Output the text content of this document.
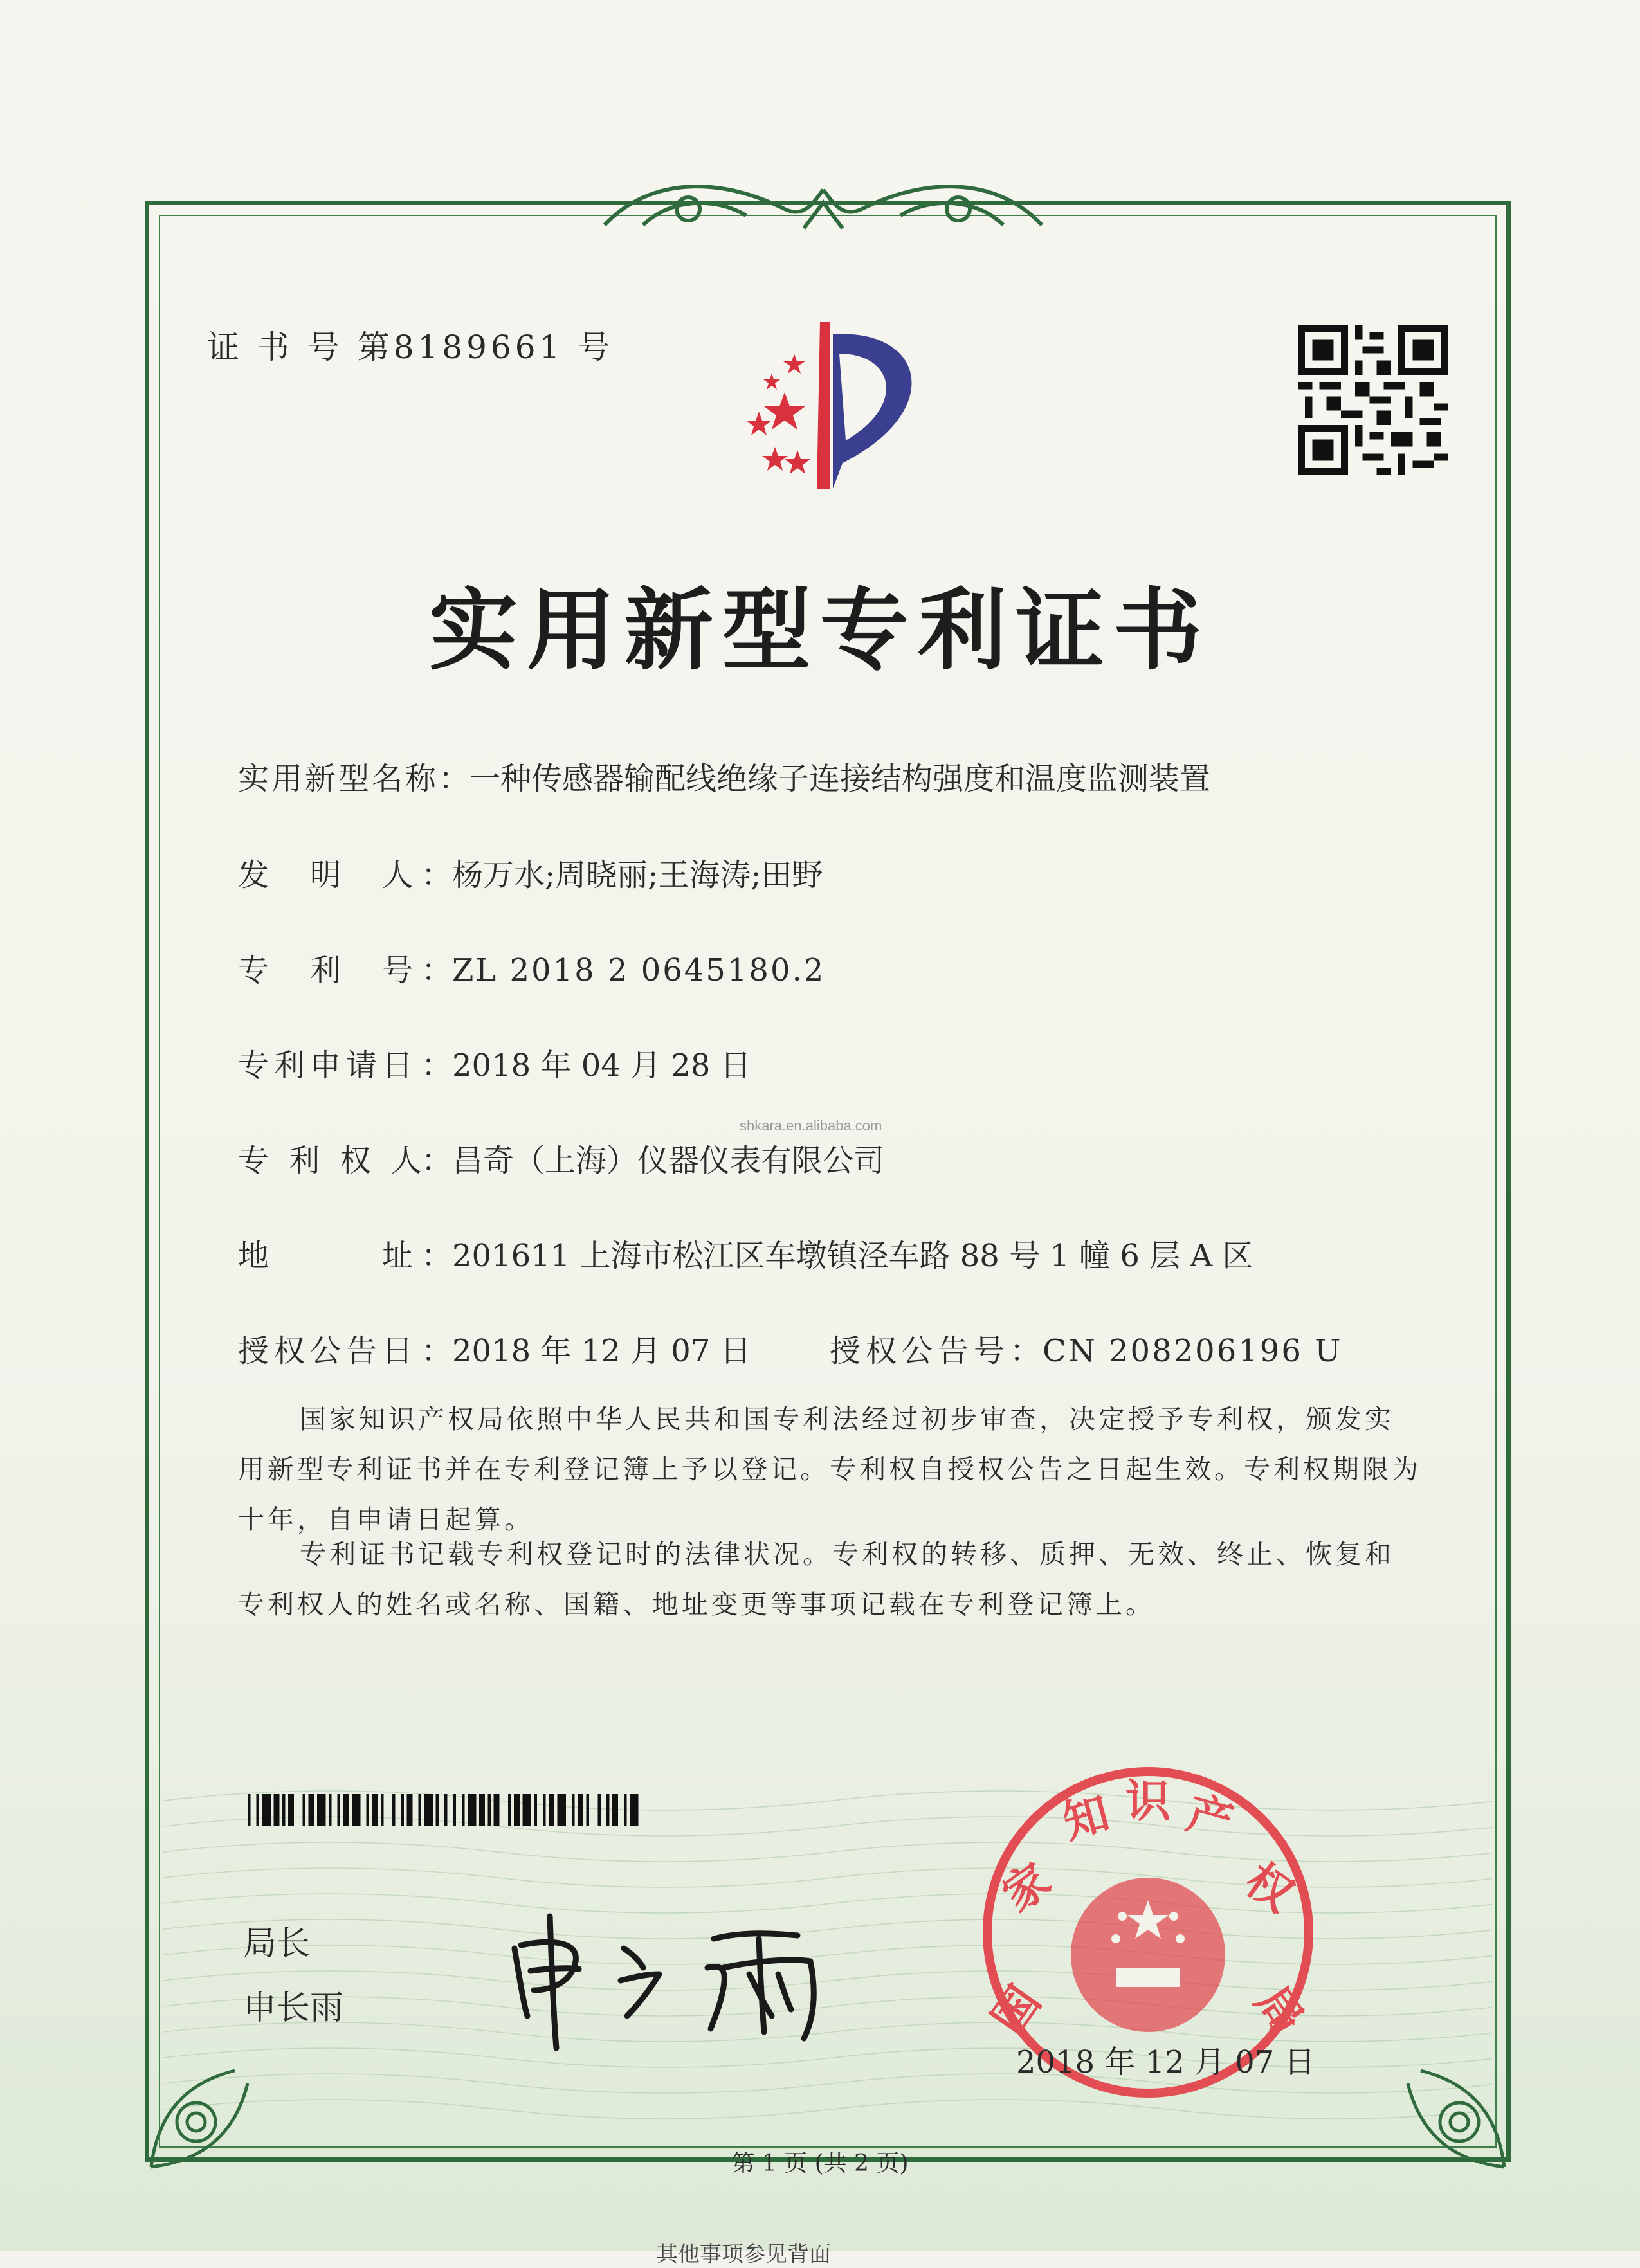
证 书 号 第8189661 号
实用新型专利证书
实用新型名称：一种传感器输配线绝缘子连接结构强度和温度监测装置
发　明　人 ：杨万水;周晓丽;王海涛;田野
专　利　号 ：ZL 2018 2 0645180.2
专利申请日 ：2018 年 04 月 28 日
专 利 权 人：昌奇（上海）仪器仪表有限公司
地　　　址 ：201611 上海市松江区车墩镇泾车路 88 号 1 幢 6 层 A 区
授权公告日 ：2018 年 12 月 07 日	授权公告号：CN 208206196 U
shkara.en.alibaba.com
国家知识产权局依照中华人民共和国专利法经过初步审查，决定授予专利权，颁发实用新型专利证书并在专利登记簿上予以登记。专利权自授权公告之日起生效。专利权期限为十年，自申请日起算。
专利证书记载专利权登记时的法律状况。专利权的转移、质押、无效、终止、恢复和专利权人的姓名或名称、国籍、地址变更等事项记载在专利登记簿上。
局长
申长雨	国
家
知 识 产
权
局
2018 年 12 月 07 日
第 1 页 (共 2 页)
其他事项参见背面
